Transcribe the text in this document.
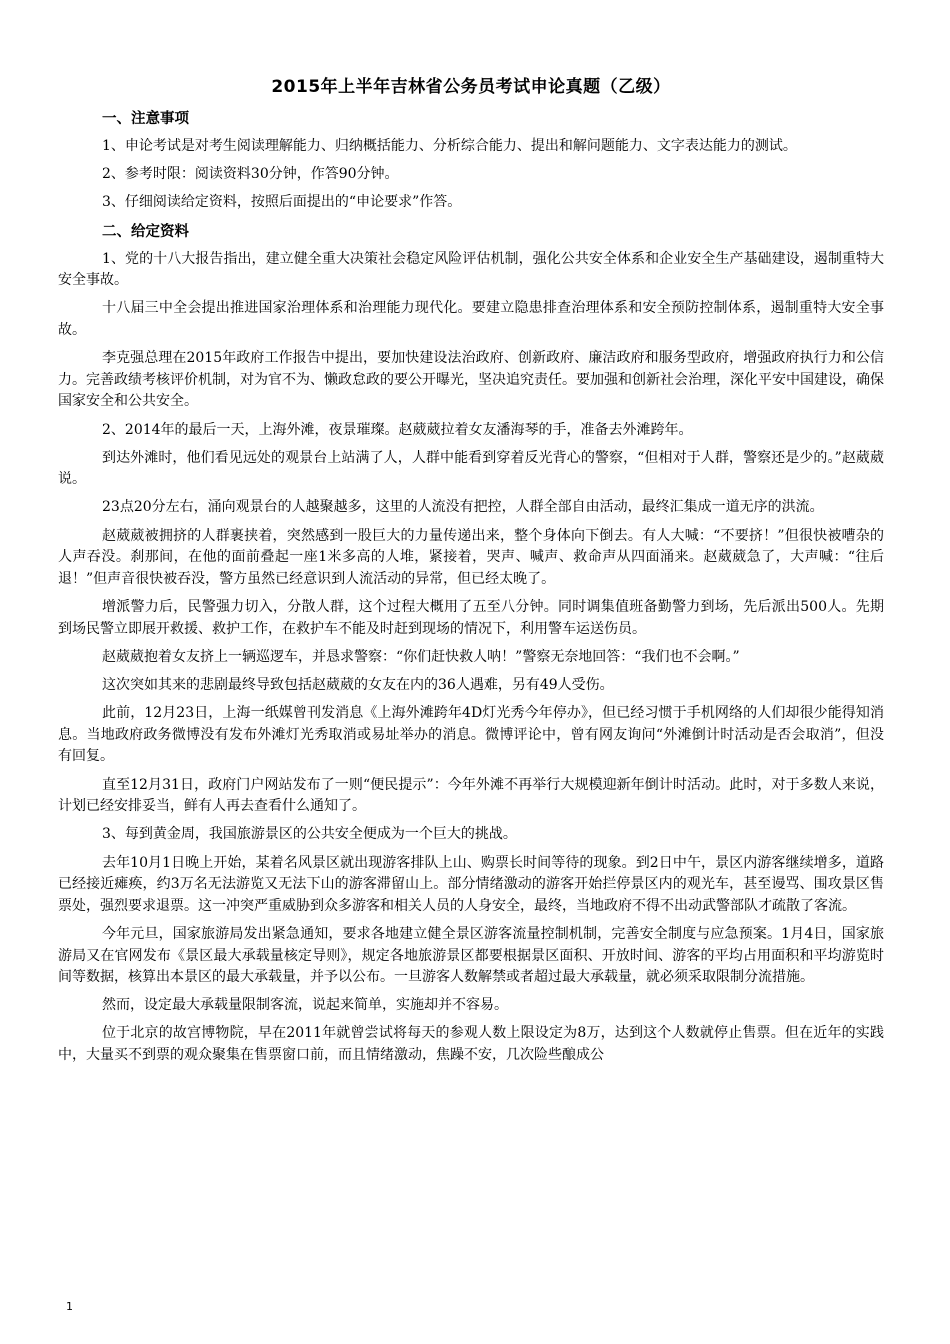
2015年上半年吉林省公务员考试申论真题（乙级）
一、注意事项

1、申论考试是对考生阅读理解能力、归纳概括能力、分析综合能力、提出和解问题能力、文字表达能力的测试。

2、参考时限：阅读资料30分钟，作答90分钟。

3、仔细阅读给定资料，按照后面提出的“申论要求”作答。

二、给定资料

1、党的十八大报告指出，建立健全重大决策社会稳定风险评估机制，强化公共安全体系和企业安全生产基础建设，遏制重特大安全事故。

十八届三中全会提出推进国家治理体系和治理能力现代化。要建立隐患排查治理体系和安全预防控制体系，遏制重特大安全事故。

李克强总理在2015年政府工作报告中提出，要加快建设法治政府、创新政府、廉洁政府和服务型政府，增强政府执行力和公信力。完善政绩考核评价机制，对为官不为、懒政怠政的要公开曝光，坚决追究责任。要加强和创新社会治理，深化平安中国建设，确保国家安全和公共安全。

2、2014年的最后一天，上海外滩，夜景璀璨。赵葳葳拉着女友潘海琴的手，准备去外滩跨年。

到达外滩时，他们看见远处的观景台上站满了人，人群中能看到穿着反光背心的警察，“但相对于人群，警察还是少的。”赵葳葳说。

23点20分左右，涌向观景台的人越聚越多，这里的人流没有把控，人群全部自由活动，最终汇集成一道无序的洪流。

赵葳葳被拥挤的人群裹挟着，突然感到一股巨大的力量传递出来，整个身体向下倒去。有人大喊：“不要挤！”但很快被嘈杂的人声吞没。刹那间，在他的面前叠起一座1米多高的人堆，紧接着，哭声、喊声、救命声从四面涌来。赵葳葳急了，大声喊：“往后退！”但声音很快被吞没，警方虽然已经意识到人流活动的异常，但已经太晚了。

增派警力后，民警强力切入，分散人群，这个过程大概用了五至八分钟。同时调集值班备勤警力到场，先后派出500人。先期到场民警立即展开救援、救护工作，在救护车不能及时赶到现场的情况下，利用警车运送伤员。

赵葳葳抱着女友挤上一辆巡逻车，并恳求警察：“你们赶快救人呐！”警察无奈地回答：“我们也不会啊。”

这次突如其来的悲剧最终导致包括赵葳葳的女友在内的36人遇难，另有49人受伤。

此前，12月23日，上海一纸媒曾刊发消息《上海外滩跨年4D灯光秀今年停办》，但已经习惯于手机网络的人们却很少能得知消息。当地政府政务微博没有发布外滩灯光秀取消或易址举办的消息。微博评论中，曾有网友询问“外滩倒计时活动是否会取消”，但没有回复。

直至12月31日，政府门户网站发布了一则“便民提示”：今年外滩不再举行大规模迎新年倒计时活动。此时，对于多数人来说，计划已经安排妥当，鲜有人再去查看什么通知了。

3、每到黄金周，我国旅游景区的公共安全便成为一个巨大的挑战。

去年10月1日晚上开始，某着名风景区就出现游客排队上山、购票长时间等待的现象。到2日中午，景区内游客继续增多，道路已经接近瘫痪，约3万名无法游览又无法下山的游客滞留山上。部分情绪激动的游客开始拦停景区内的观光车，甚至谩骂、围攻景区售票处，强烈要求退票。这一冲突严重威胁到众多游客和相关人员的人身安全，最终，当地政府不得不出动武警部队才疏散了客流。

今年元旦，国家旅游局发出紧急通知，要求各地建立健全景区游客流量控制机制，完善安全制度与应急预案。1月4日，国家旅游局又在官网发布《景区最大承载量核定导则》，规定各地旅游景区都要根据景区面积、开放时间、游客的平均占用面积和平均游览时间等数据，核算出本景区的最大承载量，并予以公布。一旦游客人数解禁或者超过最大承载量，就必须采取限制分流措施。

然而，设定最大承载量限制客流，说起来简单，实施却并不容易。

位于北京的故宫博物院，早在2011年就曾尝试将每天的参观人数上限设定为8万，达到这个人数就停止售票。但在近年的实践中，大量买不到票的观众聚集在售票窗口前，而且情绪激动，焦躁不安，几次险些酿成公

1
